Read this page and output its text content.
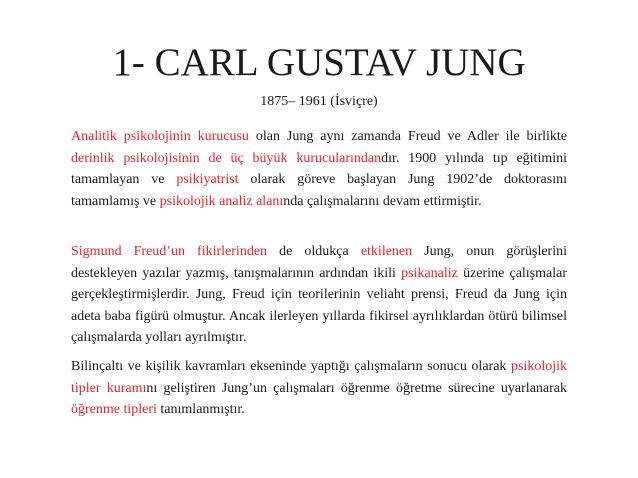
1- CARL GUSTAV JUNG

1875– 1961 (İsviçre)

Analitik psikolojinin kurucusu olan Jung aynı zamanda Freud ve Adler ile birlikte derinlik psikolojisinin de üç büyük kurucularındandır. 1900 yılında tıp eğitimini tamamlayan ve psikiyatrist olarak göreve başlayan Jung 1902’de doktorasını tamamlamış ve psikolojik analiz alanında çalışmalarını devam ettirmiştir.

Sigmund Freud’un fikirlerinden de oldukça etkilenen Jung, onun görüşlerini destekleyen yazılar yazmış, tanışmalarının ardından ikili psikanaliz üzerine çalışmalar gerçekleştirmişlerdir. Jung, Freud için teorilerinin veliaht prensi, Freud da Jung için adeta baba figürü olmuştur. Ancak ilerleyen yıllarda fikirsel ayrılıklardan ötürü bilimsel çalışmalarda yolları ayrılmıştır.

Bilinçaltı ve kişilik kavramları ekseninde yaptığı çalışmaların sonucu olarak psikolojik tipler kuramını geliştiren Jung’un çalışmaları öğrenme öğretme sürecine uyarlanarak öğrenme tipleri tanımlanmıştır.
